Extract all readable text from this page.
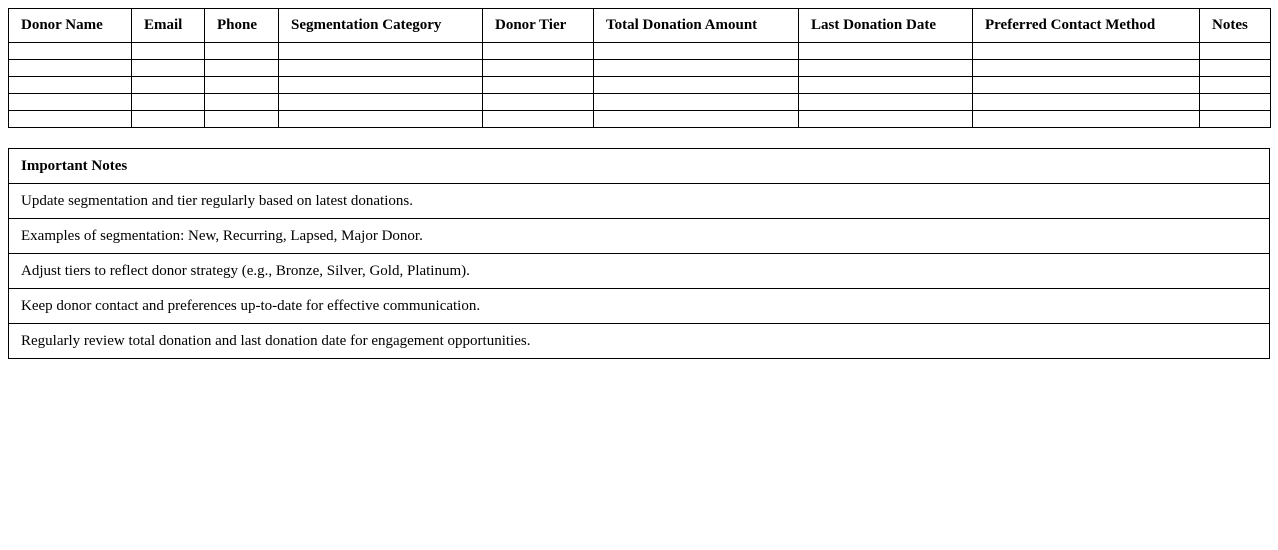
Donor Name	Email	Phone	Segmentation Category	Donor Tier	Total Donation Amount	Last Donation Date	Preferred Contact Method	Notes

Important Notes
Update segmentation and tier regularly based on latest donations.
Examples of segmentation: New, Recurring, Lapsed, Major Donor.
Adjust tiers to reflect donor strategy (e.g., Bronze, Silver, Gold, Platinum).
Keep donor contact and preferences up-to-date for effective communication.
Regularly review total donation and last donation date for engagement opportunities.
